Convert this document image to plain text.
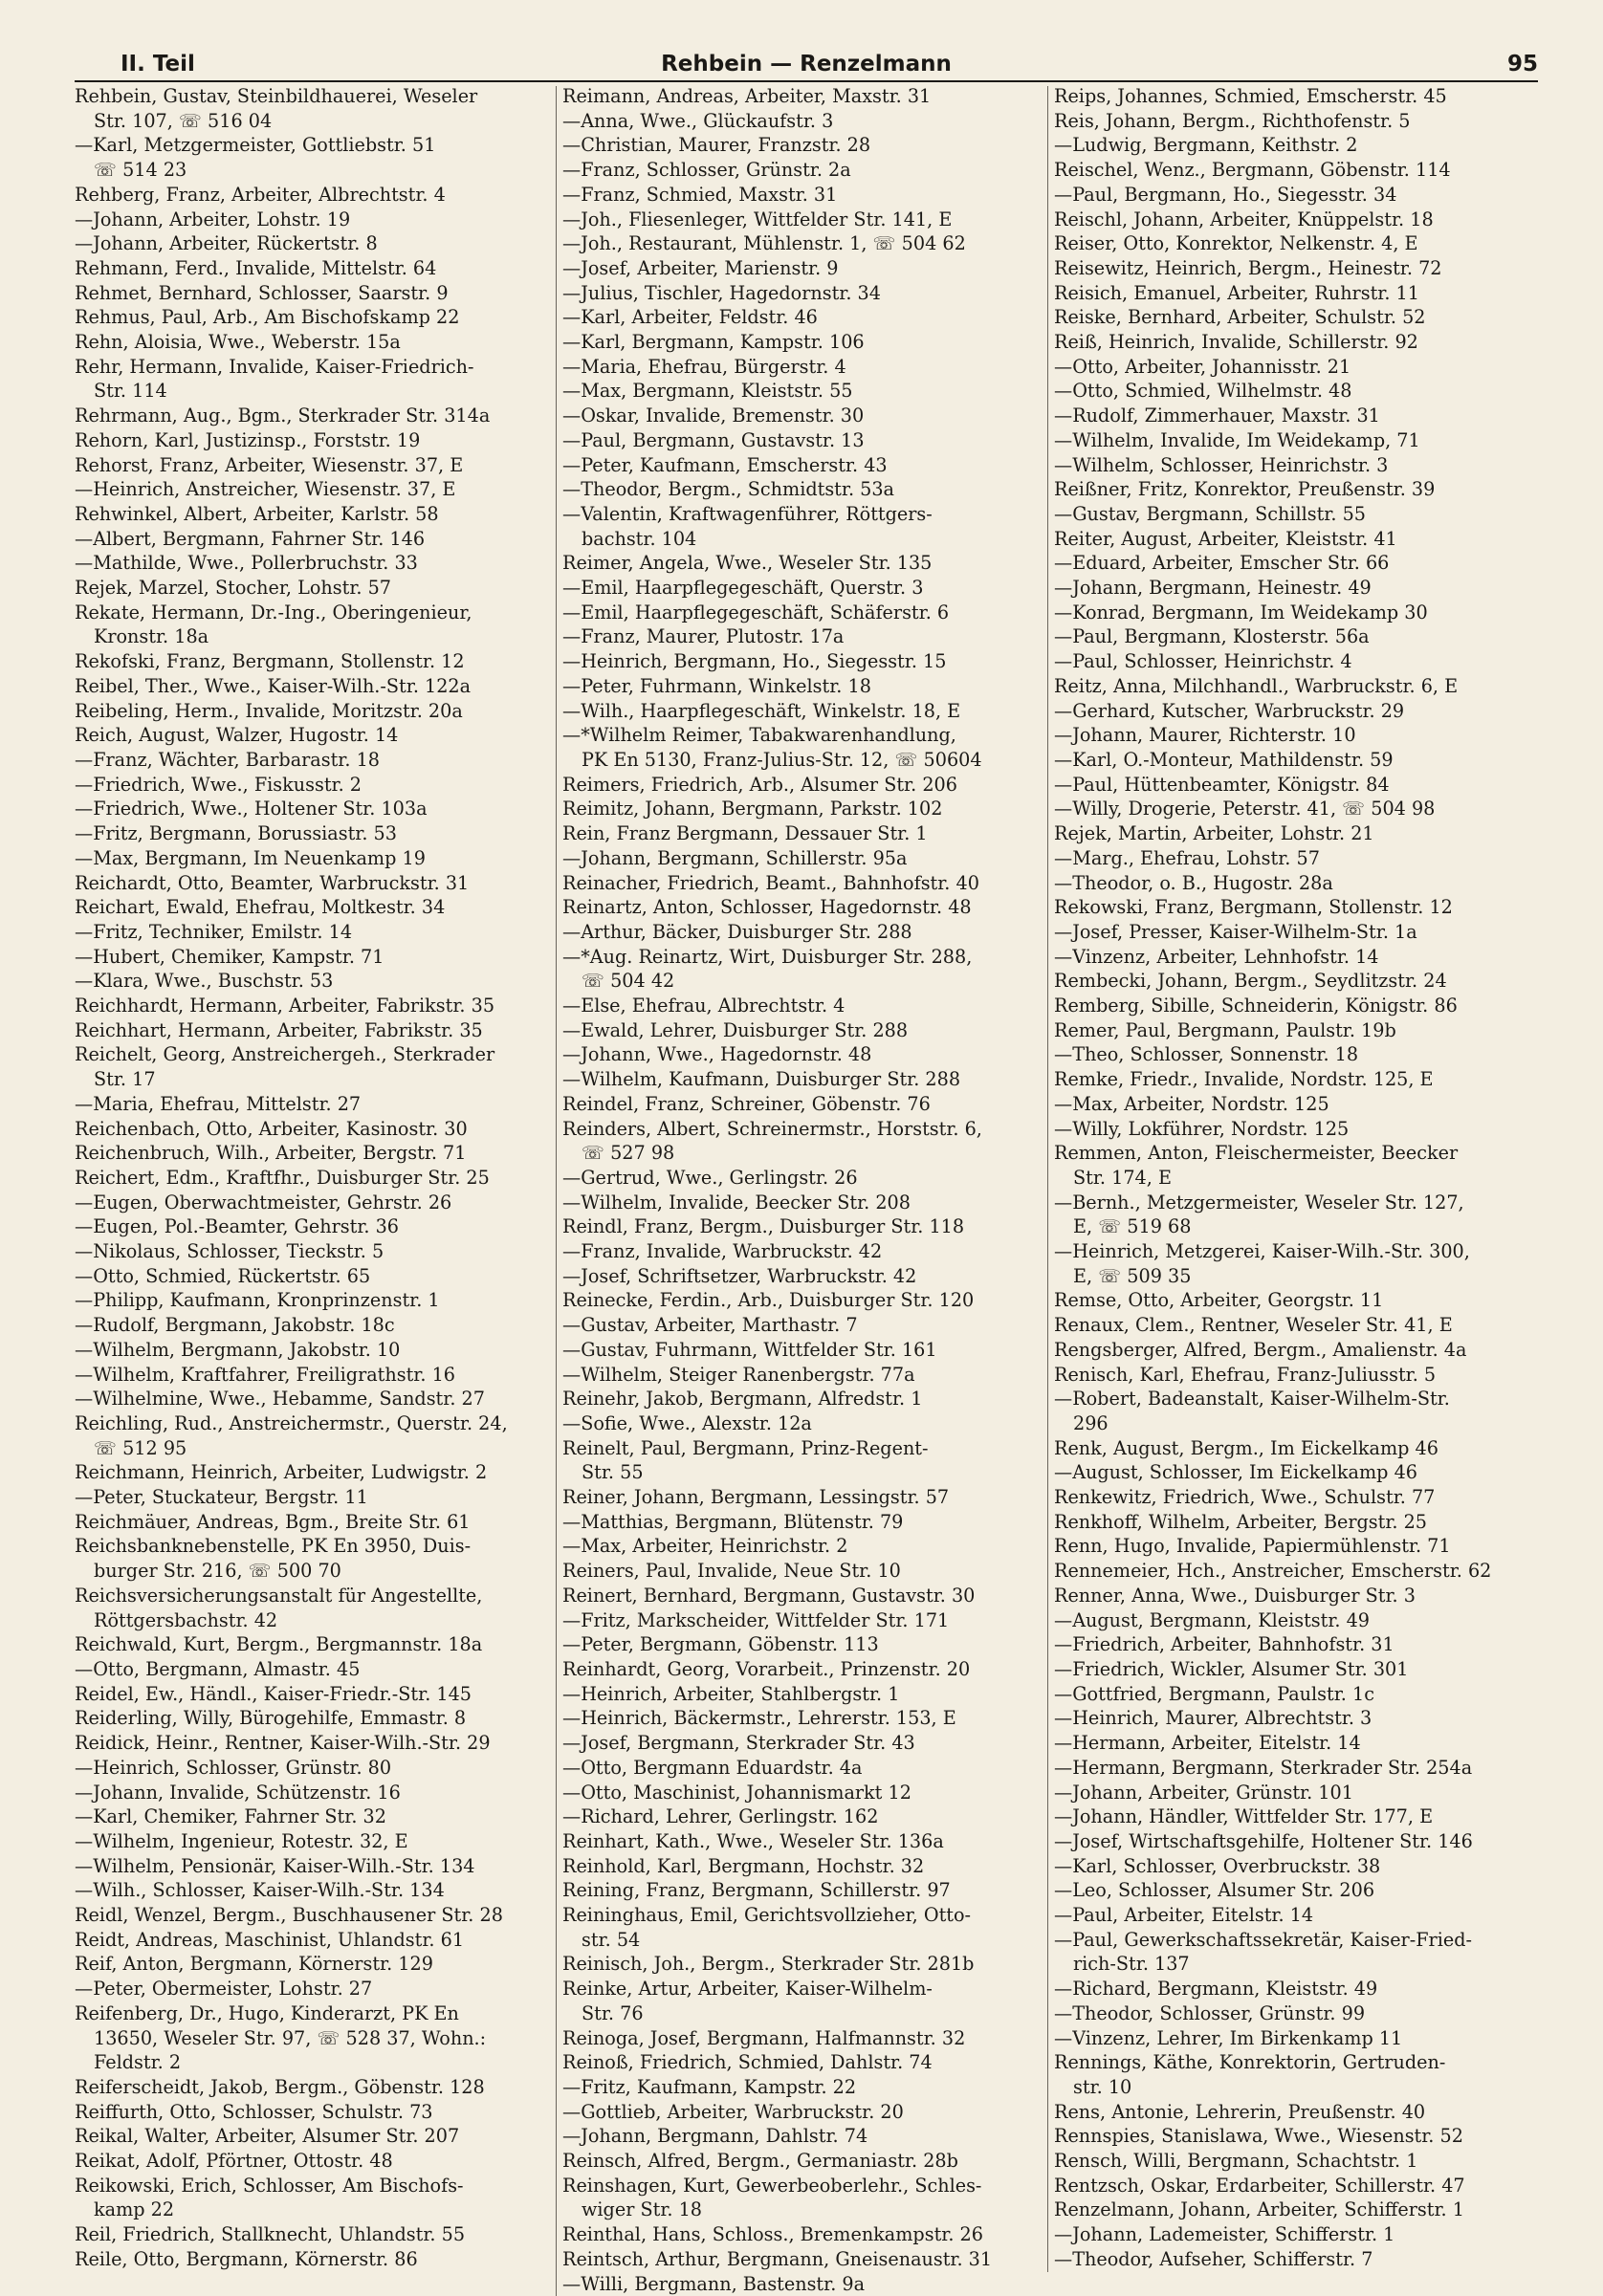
II. Teil	Rehbein — Renzelmann	95
Rehbein, Gustav, Steinbildhauerei, Weseler
Str. 107, ☏ 516 04
—Karl, Metzgermeister, Gottliebstr. 51
☏ 514 23
Rehberg, Franz, Arbeiter, Albrechtstr. 4
—Johann, Arbeiter, Lohstr. 19
—Johann, Arbeiter, Rückertstr. 8
Rehmann, Ferd., Invalide, Mittelstr. 64
Rehmet, Bernhard, Schlosser, Saarstr. 9
Rehmus, Paul, Arb., Am Bischofskamp 22
Rehn, Aloisia, Wwe., Weberstr. 15a
Rehr, Hermann, Invalide, Kaiser-Friedrich-
Str. 114
Rehrmann, Aug., Bgm., Sterkrader Str. 314a
Rehorn, Karl, Justizinsp., Forststr. 19
Rehorst, Franz, Arbeiter, Wiesenstr. 37, E
—Heinrich, Anstreicher, Wiesenstr. 37, E
Rehwinkel, Albert, Arbeiter, Karlstr. 58
—Albert, Bergmann, Fahrner Str. 146
—Mathilde, Wwe., Pollerbruchstr. 33
Rejek, Marzel, Stocher, Lohstr. 57
Rekate, Hermann, Dr.-Ing., Oberingenieur,
Kronstr. 18a
Rekofski, Franz, Bergmann, Stollenstr. 12
Reibel, Ther., Wwe., Kaiser-Wilh.-Str. 122a
Reibeling, Herm., Invalide, Moritzstr. 20a
Reich, August, Walzer, Hugostr. 14
—Franz, Wächter, Barbarastr. 18
—Friedrich, Wwe., Fiskusstr. 2
—Friedrich, Wwe., Holtener Str. 103a
—Fritz, Bergmann, Borussiastr. 53
—Max, Bergmann, Im Neuenkamp 19
Reichardt, Otto, Beamter, Warbruckstr. 31
Reichart, Ewald, Ehefrau, Moltkestr. 34
—Fritz, Techniker, Emilstr. 14
—Hubert, Chemiker, Kampstr. 71
—Klara, Wwe., Buschstr. 53
Reichhardt, Hermann, Arbeiter, Fabrikstr. 35
Reichhart, Hermann, Arbeiter, Fabrikstr. 35
Reichelt, Georg, Anstreichergeh., Sterkrader
Str. 17
—Maria, Ehefrau, Mittelstr. 27
Reichenbach, Otto, Arbeiter, Kasinostr. 30
Reichenbruch, Wilh., Arbeiter, Bergstr. 71
Reichert, Edm., Kraftfhr., Duisburger Str. 25
—Eugen, Oberwachtmeister, Gehrstr. 26
—Eugen, Pol.-Beamter, Gehrstr. 36
—Nikolaus, Schlosser, Tieckstr. 5
—Otto, Schmied, Rückertstr. 65
—Philipp, Kaufmann, Kronprinzenstr. 1
—Rudolf, Bergmann, Jakobstr. 18c
—Wilhelm, Bergmann, Jakobstr. 10
—Wilhelm, Kraftfahrer, Freiligrathstr. 16
—Wilhelmine, Wwe., Hebamme, Sandstr. 27
Reichling, Rud., Anstreichermstr., Querstr. 24,
☏ 512 95
Reichmann, Heinrich, Arbeiter, Ludwigstr. 2
—Peter, Stuckateur, Bergstr. 11
Reichmäuer, Andreas, Bgm., Breite Str. 61
Reichsbanknebenstelle, PK En 3950, Duis-
burger Str. 216, ☏ 500 70
Reichsversicherungsanstalt für Angestellte,
Röttgersbachstr. 42
Reichwald, Kurt, Bergm., Bergmannstr. 18a
—Otto, Bergmann, Almastr. 45
Reidel, Ew., Händl., Kaiser-Friedr.-Str. 145
Reiderling, Willy, Bürogehilfe, Emmastr. 8
Reidick, Heinr., Rentner, Kaiser-Wilh.-Str. 29
—Heinrich, Schlosser, Grünstr. 80
—Johann, Invalide, Schützenstr. 16
—Karl, Chemiker, Fahrner Str. 32
—Wilhelm, Ingenieur, Rotestr. 32, E
—Wilhelm, Pensionär, Kaiser-Wilh.-Str. 134
—Wilh., Schlosser, Kaiser-Wilh.-Str. 134
Reidl, Wenzel, Bergm., Buschhausener Str. 28
Reidt, Andreas, Maschinist, Uhlandstr. 61
Reif, Anton, Bergmann, Körnerstr. 129
—Peter, Obermeister, Lohstr. 27
Reifenberg, Dr., Hugo, Kinderarzt, PK En
13650, Weseler Str. 97, ☏ 528 37, Wohn.:
Feldstr. 2
Reiferscheidt, Jakob, Bergm., Göbenstr. 128
Reiffurth, Otto, Schlosser, Schulstr. 73
Reikal, Walter, Arbeiter, Alsumer Str. 207
Reikat, Adolf, Pförtner, Ottostr. 48
Reikowski, Erich, Schlosser, Am Bischofs-
kamp 22
Reil, Friedrich, Stallknecht, Uhlandstr. 55
Reile, Otto, Bergmann, Körnerstr. 86
Reimann, Andreas, Arbeiter, Maxstr. 31
—Anna, Wwe., Glückaufstr. 3
—Christian, Maurer, Franzstr. 28
—Franz, Schlosser, Grünstr. 2a
—Franz, Schmied, Maxstr. 31
—Joh., Fliesenleger, Wittfelder Str. 141, E
—Joh., Restaurant, Mühlenstr. 1, ☏ 504 62
—Josef, Arbeiter, Marienstr. 9
—Julius, Tischler, Hagedornstr. 34
—Karl, Arbeiter, Feldstr. 46
—Karl, Bergmann, Kampstr. 106
—Maria, Ehefrau, Bürgerstr. 4
—Max, Bergmann, Kleiststr. 55
—Oskar, Invalide, Bremenstr. 30
—Paul, Bergmann, Gustavstr. 13
—Peter, Kaufmann, Emscherstr. 43
—Theodor, Bergm., Schmidtstr. 53a
—Valentin, Kraftwagenführer, Röttgers-
bachstr. 104
Reimer, Angela, Wwe., Weseler Str. 135
—Emil, Haarpflegegeschäft, Querstr. 3
—Emil, Haarpflegegeschäft, Schäferstr. 6
—Franz, Maurer, Plutostr. 17a
—Heinrich, Bergmann, Ho., Siegesstr. 15
—Peter, Fuhrmann, Winkelstr. 18
—Wilh., Haarpflegeschäft, Winkelstr. 18, E
—*Wilhelm Reimer, Tabakwarenhandlung,
PK En 5130, Franz-Julius-Str. 12, ☏ 50604
Reimers, Friedrich, Arb., Alsumer Str. 206
Reimitz, Johann, Bergmann, Parkstr. 102
Rein, Franz Bergmann, Dessauer Str. 1
—Johann, Bergmann, Schillerstr. 95a
Reinacher, Friedrich, Beamt., Bahnhofstr. 40
Reinartz, Anton, Schlosser, Hagedornstr. 48
—Arthur, Bäcker, Duisburger Str. 288
—*Aug. Reinartz, Wirt, Duisburger Str. 288,
☏ 504 42
—Else, Ehefrau, Albrechtstr. 4
—Ewald, Lehrer, Duisburger Str. 288
—Johann, Wwe., Hagedornstr. 48
—Wilhelm, Kaufmann, Duisburger Str. 288
Reindel, Franz, Schreiner, Göbenstr. 76
Reinders, Albert, Schreinermstr., Horststr. 6,
☏ 527 98
—Gertrud, Wwe., Gerlingstr. 26
—Wilhelm, Invalide, Beecker Str. 208
Reindl, Franz, Bergm., Duisburger Str. 118
—Franz, Invalide, Warbruckstr. 42
—Josef, Schriftsetzer, Warbruckstr. 42
Reinecke, Ferdin., Arb., Duisburger Str. 120
—Gustav, Arbeiter, Marthastr. 7
—Gustav, Fuhrmann, Wittfelder Str. 161
—Wilhelm, Steiger Ranenbergstr. 77a
Reinehr, Jakob, Bergmann, Alfredstr. 1
—Sofie, Wwe., Alexstr. 12a
Reinelt, Paul, Bergmann, Prinz-Regent-
Str. 55
Reiner, Johann, Bergmann, Lessingstr. 57
—Matthias, Bergmann, Blütenstr. 79
—Max, Arbeiter, Heinrichstr. 2
Reiners, Paul, Invalide, Neue Str. 10
Reinert, Bernhard, Bergmann, Gustavstr. 30
—Fritz, Markscheider, Wittfelder Str. 171
—Peter, Bergmann, Göbenstr. 113
Reinhardt, Georg, Vorarbeit., Prinzenstr. 20
—Heinrich, Arbeiter, Stahlbergstr. 1
—Heinrich, Bäckermstr., Lehrerstr. 153, E
—Josef, Bergmann, Sterkrader Str. 43
—Otto, Bergmann Eduardstr. 4a
—Otto, Maschinist, Johannismarkt 12
—Richard, Lehrer, Gerlingstr. 162
Reinhart, Kath., Wwe., Weseler Str. 136a
Reinhold, Karl, Bergmann, Hochstr. 32
Reining, Franz, Bergmann, Schillerstr. 97
Reininghaus, Emil, Gerichtsvollzieher, Otto-
str. 54
Reinisch, Joh., Bergm., Sterkrader Str. 281b
Reinke, Artur, Arbeiter, Kaiser-Wilhelm-
Str. 76
Reinoga, Josef, Bergmann, Halfmannstr. 32
Reinoß, Friedrich, Schmied, Dahlstr. 74
—Fritz, Kaufmann, Kampstr. 22
—Gottlieb, Arbeiter, Warbruckstr. 20
—Johann, Bergmann, Dahlstr. 74
Reinsch, Alfred, Bergm., Germaniastr. 28b
Reinshagen, Kurt, Gewerbeoberlehr., Schles-
wiger Str. 18
Reinthal, Hans, Schloss., Bremenkampstr. 26
Reintsch, Arthur, Bergmann, Gneisenaustr. 31
—Willi, Bergmann, Bastenstr. 9a
Reips, Johannes, Schmied, Emscherstr. 45
Reis, Johann, Bergm., Richthofenstr. 5
—Ludwig, Bergmann, Keithstr. 2
Reischel, Wenz., Bergmann, Göbenstr. 114
—Paul, Bergmann, Ho., Siegesstr. 34
Reischl, Johann, Arbeiter, Knüppelstr. 18
Reiser, Otto, Konrektor, Nelkenstr. 4, E
Reisewitz, Heinrich, Bergm., Heinestr. 72
Reisich, Emanuel, Arbeiter, Ruhrstr. 11
Reiske, Bernhard, Arbeiter, Schulstr. 52
Reiß, Heinrich, Invalide, Schillerstr. 92
—Otto, Arbeiter, Johannisstr. 21
—Otto, Schmied, Wilhelmstr. 48
—Rudolf, Zimmerhauer, Maxstr. 31
—Wilhelm, Invalide, Im Weidekamp, 71
—Wilhelm, Schlosser, Heinrichstr. 3
Reißner, Fritz, Konrektor, Preußenstr. 39
—Gustav, Bergmann, Schillstr. 55
Reiter, August, Arbeiter, Kleiststr. 41
—Eduard, Arbeiter, Emscher Str. 66
—Johann, Bergmann, Heinestr. 49
—Konrad, Bergmann, Im Weidekamp 30
—Paul, Bergmann, Klosterstr. 56a
—Paul, Schlosser, Heinrichstr. 4
Reitz, Anna, Milchhandl., Warbruckstr. 6, E
—Gerhard, Kutscher, Warbruckstr. 29
—Johann, Maurer, Richterstr. 10
—Karl, O.-Monteur, Mathildenstr. 59
—Paul, Hüttenbeamter, Königstr. 84
—Willy, Drogerie, Peterstr. 41, ☏ 504 98
Rejek, Martin, Arbeiter, Lohstr. 21
—Marg., Ehefrau, Lohstr. 57
—Theodor, o. B., Hugostr. 28a
Rekowski, Franz, Bergmann, Stollenstr. 12
—Josef, Presser, Kaiser-Wilhelm-Str. 1a
—Vinzenz, Arbeiter, Lehnhofstr. 14
Rembecki, Johann, Bergm., Seydlitzstr. 24
Remberg, Sibille, Schneiderin, Königstr. 86
Remer, Paul, Bergmann, Paulstr. 19b
—Theo, Schlosser, Sonnenstr. 18
Remke, Friedr., Invalide, Nordstr. 125, E
—Max, Arbeiter, Nordstr. 125
—Willy, Lokführer, Nordstr. 125
Remmen, Anton, Fleischermeister, Beecker
Str. 174, E
—Bernh., Metzgermeister, Weseler Str. 127,
E, ☏ 519 68
—Heinrich, Metzgerei, Kaiser-Wilh.-Str. 300,
E, ☏ 509 35
Remse, Otto, Arbeiter, Georgstr. 11
Renaux, Clem., Rentner, Weseler Str. 41, E
Rengsberger, Alfred, Bergm., Amalienstr. 4a
Renisch, Karl, Ehefrau, Franz-Juliusstr. 5
—Robert, Badeanstalt, Kaiser-Wilhelm-Str.
296
Renk, August, Bergm., Im Eickelkamp 46
—August, Schlosser, Im Eickelkamp 46
Renkewitz, Friedrich, Wwe., Schulstr. 77
Renkhoff, Wilhelm, Arbeiter, Bergstr. 25
Renn, Hugo, Invalide, Papiermühlenstr. 71
Rennemeier, Hch., Anstreicher, Emscherstr. 62
Renner, Anna, Wwe., Duisburger Str. 3
—August, Bergmann, Kleiststr. 49
—Friedrich, Arbeiter, Bahnhofstr. 31
—Friedrich, Wickler, Alsumer Str. 301
—Gottfried, Bergmann, Paulstr. 1c
—Heinrich, Maurer, Albrechtstr. 3
—Hermann, Arbeiter, Eitelstr. 14
—Hermann, Bergmann, Sterkrader Str. 254a
—Johann, Arbeiter, Grünstr. 101
—Johann, Händler, Wittfelder Str. 177, E
—Josef, Wirtschaftsgehilfe, Holtener Str. 146
—Karl, Schlosser, Overbruckstr. 38
—Leo, Schlosser, Alsumer Str. 206
—Paul, Arbeiter, Eitelstr. 14
—Paul, Gewerkschaftssekretär, Kaiser-Fried-
rich-Str. 137
—Richard, Bergmann, Kleiststr. 49
—Theodor, Schlosser, Grünstr. 99
—Vinzenz, Lehrer, Im Birkenkamp 11
Rennings, Käthe, Konrektorin, Gertruden-
str. 10
Rens, Antonie, Lehrerin, Preußenstr. 40
Rennspies, Stanislawa, Wwe., Wiesenstr. 52
Rensch, Willi, Bergmann, Schachtstr. 1
Rentzsch, Oskar, Erdarbeiter, Schillerstr. 47
Renzelmann, Johann, Arbeiter, Schifferstr. 1
—Johann, Lademeister, Schifferstr. 1
—Theodor, Aufseher, Schifferstr. 7
